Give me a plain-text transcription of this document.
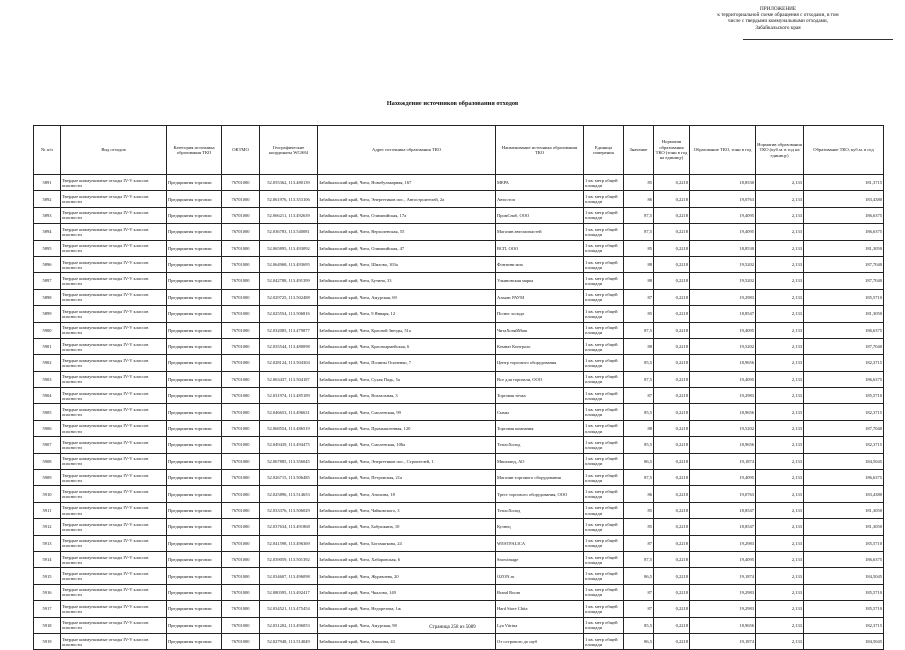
ПРИЛОЖЕНИЕ
к территориальной схеме обращения с отходами, в том
числе с твердыми коммунальными отходами,
Забайкальского края
Нахождение источников образования отходов
№ п/п	Вид отходов	Категория источника образования ТКО	ОКТМО	Географические координаты WGS84	Адрес источника образования ТКО	Наименование источника образования ТКО	Единица измерения	Значение	Норматив образования ТКО (тонн в год на единицу)	Образование ТКО, тонн в год	Норматив образования ТКО (куб.м. в год на единицу)	Образование ТКО, куб.м. в год
5891	Твердые коммунальные отходы IV-V классов опасности	Предприятия торговли	76701000	52.055362, 113.480139	Забайкальский край, Чита, Новобульварная, 167	МЕРА	1 кв. метр общей площади	85	0,2218	18,8530	2,133	181,3715
5892	Твердые коммунальные отходы IV-V классов опасности	Предприятия торговли	76701000	52.061976, 113.353106	Забайкальский край, Чита, Энергетиков пос., Автостроителей, 2а	Автостоп	1 кв. метр общей площади	86	0,2218	19,0763	2,133	183,4380
5893	Твердые коммунальные отходы IV-V классов опасности	Предприятия торговли	76701000	52.066211, 113.492639	Забайкальский край, Чита, Олимпийская, 17а	ПромСнаб, ООО	1 кв. метр общей площади	87,5	0,2218	19,4095	2,133	186,6375
5894	Твердые коммунальные отходы IV-V классов опасности	Предприятия торговли	76701000	52.036783, 113.540081	Забайкальский край, Чита, Верхоленская, 55	Магазин автозапчастей	1 кв. метр общей площади	87,5	0,2218	19,4095	2,133	186,6375
5895	Твердые коммунальные отходы IV-V классов опасности	Предприятия торговли	76701000	52.065895, 113.493092	Забайкальский край, Чита, Олимпийская, 47	ВСП, ООО	1 кв. метр общей площади	85	0,2218	18,8530	2,133	181,3050
5896	Твердые коммунальные отходы IV-V классов опасности	Предприятия торговли	76701000	52.064968, 113.493695	Забайкальский край, Чита, Шилова, 103а	Фонтини мио	1 кв. метр общей площади	88	0,2218	19,5202	2,133	187,7040
5897	Твердые коммунальные отходы IV-V классов опасности	Предприятия торговли	76701000	52.042788, 113.491399	Забайкальский край, Чита, Бутина, 33	Ульяновская марка	1 кв. метр общей площади	88	0,2218	19,5202	2,133	187,7040
5898	Твердые коммунальные отходы IV-V классов опасности	Предприятия торговли	76701000	52.029725, 113.502488	Забайкальский край, Чита, Амурская, 69	Альянс РАУМ	1 кв. метр общей площади	87	0,2218	19,2983	2,133	185,5710
5899	Твердые коммунальные отходы IV-V классов опасности	Предприятия торговли	76701000	52.025554, 113.506816	Забайкальский край, Чита, 9 Января, 12	Полюс холода	1 кв. метр общей площади	85	0,2218	18,8547	2,133	181,3050
5900	Твердые коммунальные отходы IV-V классов опасности	Предприятия торговли	76701000	52.032085, 113.479877	Забайкальский край, Чита, Красной Звезды, 51а	ЧитаХозяйМаш	1 кв. метр общей площади	87,5	0,2218	19,4095	2,133	186,6375
5901	Твердые коммунальные отходы IV-V классов опасности	Предприятия торговли	76701000	52.035544, 113.480098	Забайкальский край, Чита, Красноармейская, 6	Комнат Контроль	1 кв. метр общей площади	88	0,2218	19,5202	2,133	187,7040
5902	Твердые коммунальные отходы IV-V классов опасности	Предприятия торговли	76701000	52.028124, 113.504304	Забайкальский край, Чита, Полины Осипенко, 7	Центр торгового оборудования	1 кв. метр общей площади	85,5	0,2218	18,9656	2,133	182,3715
5903	Твердые коммунальные отходы IV-V классов опасности	Предприятия торговли	76701000	52.063437, 113.504187	Забайкальский край, Чита, Сухая Падь, 5а	Все для торговли, ООО	1 кв. метр общей площади	87,5	0,2218	19,4095	2,133	186,6375
5904	Твердые коммунальные отходы IV-V классов опасности	Предприятия торговли	76701000	52.031974, 113.485189	Забайкальский край, Чита, Вокзальная, 3	Торговая точка	1 кв. метр общей площади	87	0,2218	19,2983	2,133	185,5710
5905	Твердые коммунальные отходы IV-V классов опасности	Предприятия торговли	76701000	52.046653, 113.496631	Забайкальский край, Чита, Смоленская, 99	Сымы	1 кв. метр общей площади	85,5	0,2218	18,9656	2,133	182,3715
5906	Твердые коммунальные отходы IV-V классов опасности	Предприятия торговли	76701000	52.068554, 113.486519	Забайкальский край, Чита, Промышленная, 120	Торговая компания	1 кв. метр общей площади	88	0,2218	19,5202	2,133	187,7040
5907	Твердые коммунальные отходы IV-V классов опасности	Предприятия торговли	76701000	52.049439, 113.494475	Забайкальский край, Чита, Смоленская, 106а	ТеплоХолод	1 кв. метр общей площади	85,5	0,2218	18,9656	2,133	182,3715
5908	Твердые коммунальные отходы IV-V классов опасности	Предприятия торговли	76701000	52.067885, 113.356045	Забайкальский край, Чита, Энергетиков пос., Строителей, 1	Мишланд, АО	1 кв. метр общей площади	86,5	0,2218	19,1874	2,133	184,5045
5909	Твердые коммунальные отходы IV-V классов опасности	Предприятия торговли	76701000	52.026715, 113.506485	Забайкальский край, Чита, Петровская, 21а	Магазин торгового оборудования	1 кв. метр общей площади	87,5	0,2218	19,4095	2,133	186,6375
5910	Твердые коммунальные отходы IV-V классов опасности	Предприятия торговли	76701000	52.025896, 113.514653	Забайкальский край, Чита, Анохина, 18	Трест торгового оборудования, ООО	1 кв. метр общей площади	86	0,2218	19,0763	2,133	183,4380
5911	Твердые коммунальные отходы IV-V классов опасности	Предприятия торговли	76701000	52.033376, 113.506029	Забайкальский край, Чита, Чайковского, 3	ТеплоХолод	1 кв. метр общей площади	85	0,2218	18,8547	2,133	181,3050
5912	Твердые коммунальные отходы IV-V классов опасности	Предприятия торговли	76701000	52.037634, 113.491868	Забайкальский край, Чита, Бабушкина, 10	Кузнец	1 кв. метр общей площади	85	0,2218	18,8547	2,133	181,3050
5913	Твердые коммунальные отходы IV-V классов опасности	Предприятия торговли	76701000	52.041598, 113.496369	Забайкальский край, Чита, Богомягкова, 24	WESTFALICA	1 кв. метр общей площади	87	0,2218	19,2983	2,133	185,5710
5914	Твердые коммунальные отходы IV-V классов опасности	Предприятия торговли	76701000	52.039059, 113.501392	Забайкальский край, Чита, Хабаровская, 6	Snowimage	1 кв. метр общей площади	87,5	0,2218	19,4095	2,133	186,6375
5915	Твердые коммунальные отходы IV-V классов опасности	Предприятия торговли	76701000	52.034607, 113.496098	Забайкальский край, Чита, Журавлева, 20	OZON.ru	1 кв. метр общей площади	86,5	0,2218	19,1874	2,133	184,5045
5916	Твердые коммунальные отходы IV-V классов опасности	Предприятия торговли	76701000	52.080395, 113.492417	Забайкальский край, Чита, Чкалова, 149	Brand Room	1 кв. метр общей площади	87	0,2218	19,2983	2,133	185,5710
5917	Твердые коммунальные отходы IV-V классов опасности	Предприятия торговли	76701000	52.034521, 113.475454	Забайкальский край, Чита, Недорезова, 1ж	Hard Store Chita	1 кв. метр общей площади	87	0,2218	19,2983	2,133	185,5710
5918	Твердые коммунальные отходы IV-V классов опасности	Предприятия торговли	76701000	52.031202, 113.496053	Забайкальский край, Чита, Амурская, 98	Lya Vitrina	1 кв. метр общей площади	85,5	0,2218	18,9656	2,133	182,3715
5919	Твердые коммунальные отходы IV-V классов опасности	Предприятия торговли	76701000	52.027948, 113.514049	Забайкальский край, Чита, Анохина, 43	От острового до шуб	1 кв. метр общей площади	86,5	0,2218	19,1874	2,133	184,5045
Страница 258 из 5089
